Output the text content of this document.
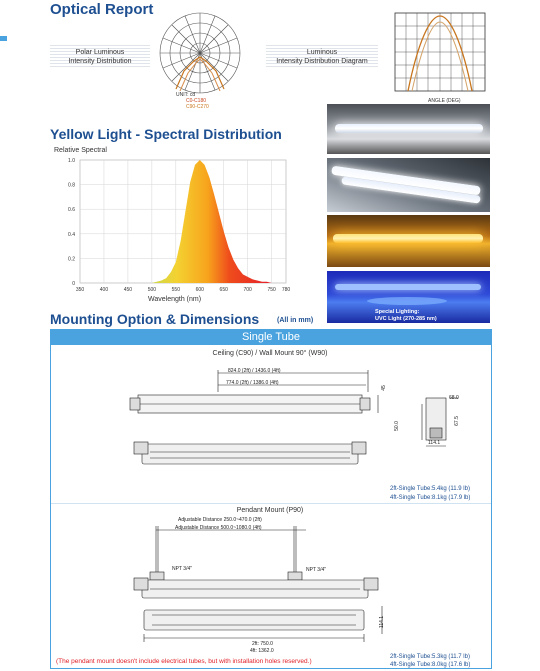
Optical Report
Polar Luminous
Intensity Distribution
UNIT: cd
C0-C180
C90-C270
Luminous
Intensity Distribution Diagram
ANGLE (DEG)
Yellow Light - Spectral Distribution
Relative Spectral
0
0.2
0.4
0.6
0.8
1.0
350	400	450	500	550	600	650	700	750 780
Wavelength (nm)
Special Lighting:
UVC Light (270-285 nm)
Mounting Option & Dimensions	(All in mm)
Single Tube
Ceiling (C90) / Wall Mount 90° (W90)
824.0 (2ft) / 1436.0 (4ft)
774.0 (2ft) / 1386.0 (4ft)
45
68.0
67.5
50.0
114.1
2ft-Single Tube:5.4kg (11.9 lb)
4ft-Single Tube:8.1kg (17.9 lb)
Pendant Mount (P90)
Adjustable Distance 250.0~470.0 (2ft)
Adjustable Distance 500.0~1080.0 (4ft)
NPT 3/4"	NPT 3/4"
2ft: 750.0
4ft: 1362.0
114.1
2ft-Single Tube:5.3kg (11.7 lb)
4ft-Single Tube:8.0kg (17.6 lb)
(The pendant mount doesn't include electrical tubes, but with installation holes reserved.)
